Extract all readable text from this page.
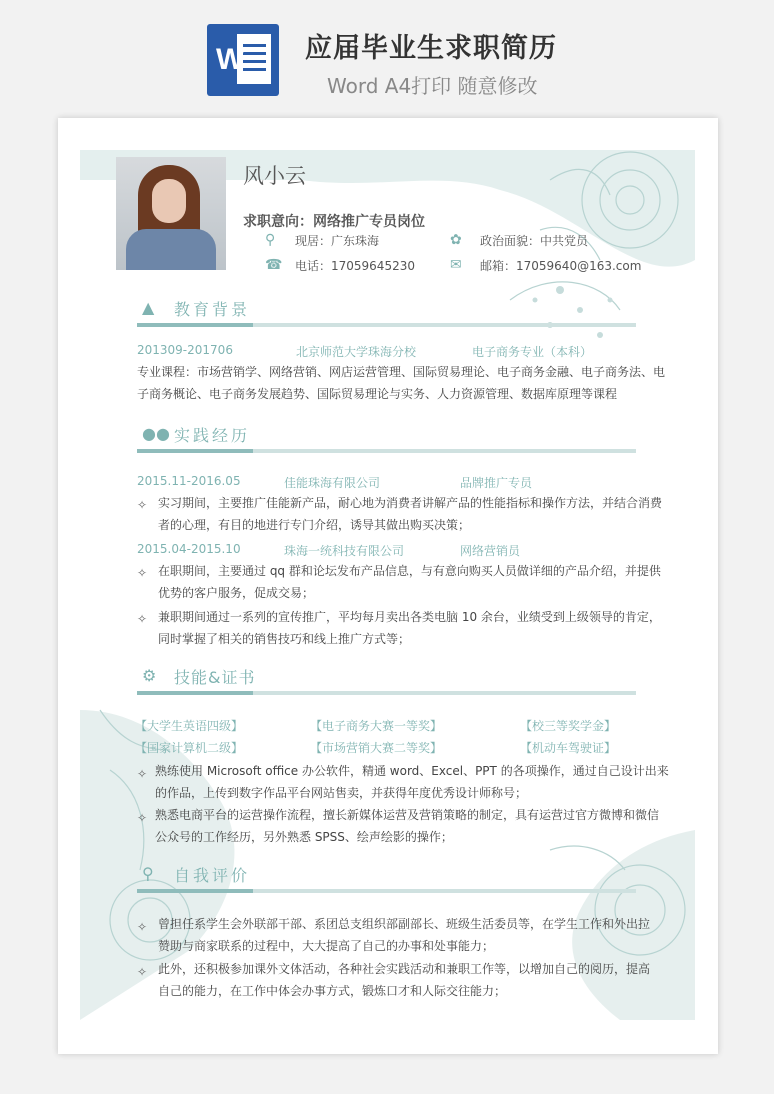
W 应届毕业生求职简历
Word A4打印 随意修改
风小云
求职意向：网络推广专员岗位
⚲ 现居：广东珠海	✿ 政治面貌：中共党员
☎ 电话：17059645230	✉ 邮箱：17059640@163.com
▲ 教育背景
201309-201706	北京师范大学珠海分校	电子商务专业（本科）
专业课程：市场营销学、网络营销、网店运营管理、国际贸易理论、电子商务金融、电子商务法、电
子商务概论、电子商务发展趋势、国际贸易理论与实务、人力资源管理、数据库原理等课程
●● 实践经历
2015.11-2016.05	佳能珠海有限公司	品牌推广专员
✧ 实习期间，主要推广佳能新产品，耐心地为消费者讲解产品的性能指标和操作方法，并结合消费
者的心理，有目的地进行专门介绍，诱导其做出购买决策；
2015.04-2015.10	珠海一统科技有限公司	网络营销员
✧ 在职期间，主要通过 qq 群和论坛发布产品信息，与有意向购买人员做详细的产品介绍，并提供
优势的客户服务，促成交易；
✧ 兼职期间通过一系列的宣传推广，平均每月卖出各类电脑 10 余台，业绩受到上级领导的肯定，
同时掌握了相关的销售技巧和线上推广方式等；
⚙ 技能&证书
【大学生英语四级】	【电子商务大赛一等奖】	【校三等奖学金】
【国家计算机二级】	【市场营销大赛二等奖】	【机动车驾驶证】
✧ 熟练使用 Microsoft office 办公软件，精通 word、Excel、PPT 的各项操作，通过自己设计出来
的作品，上传到数字作品平台网站售卖，并获得年度优秀设计师称号；
✧ 熟悉电商平台的运营操作流程，擅长新媒体运营及营销策略的制定，具有运营过官方微博和微信
公众号的工作经历，另外熟悉 SPSS、绘声绘影的操作；
⚲ 自我评价
✧ 曾担任系学生会外联部干部、系团总支组织部副部长、班级生活委员等，在学生工作和外出拉
赞助与商家联系的过程中，大大提高了自己的办事和处事能力；
✧ 此外，还积极参加课外文体活动，各种社会实践活动和兼职工作等，以增加自己的阅历，提高
自己的能力，在工作中体会办事方式，锻炼口才和人际交往能力；
